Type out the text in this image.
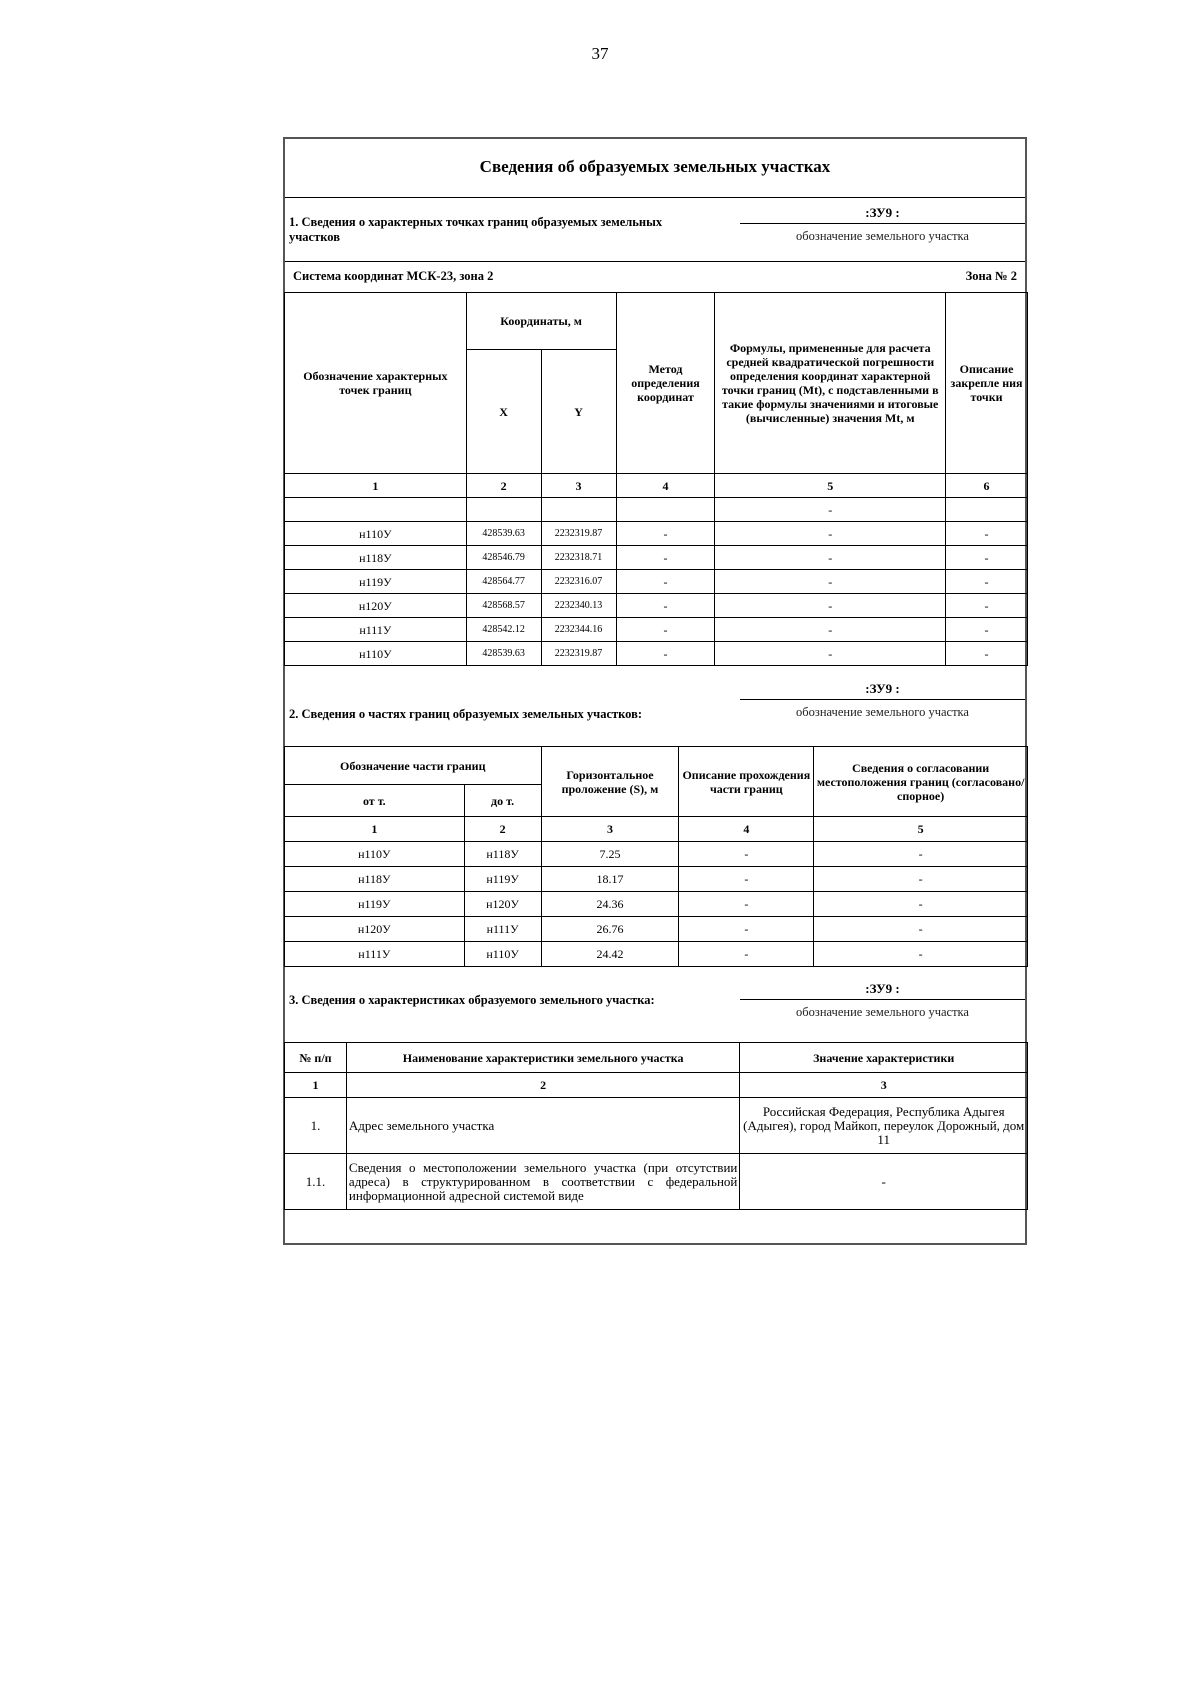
37
Сведения об образуемых земельных участках
1. Сведения о характерных точках границ образуемых земельных участков
:ЗУ9 :
обозначение земельного участка
Система координат МСК-23, зона 2	Зона № 2
Обозначение характерных точек границ	Координаты, м		Метод определения координат	Формулы, примененные для расчета средней квадратической погрешности определения координат характерной точки границ (Mt), с подставленными в такие формулы значениями и итоговые (вычисленные) значения Mt, м	Описание закрепле ния точки
	X	Y			
1	2	3	4	5	6
				-	
н110У	428539.63	2232319.87	-	-	-
н118У	428546.79	2232318.71	-	-	-
н119У	428564.77	2232316.07	-	-	-
н120У	428568.57	2232340.13	-	-	-
н111У	428542.12	2232344.16	-	-	-
н110У	428539.63	2232319.87	-	-	-
2. Сведения о частях границ образуемых земельных участков:
:ЗУ9 :
обозначение земельного участка
Обозначение части границ		Горизонтальное проложение (S), м	Описание прохождения части границ	Сведения о согласовании местоположения границ (согласовано/спорное)
от т.	до т.			
1	2	3	4	5
н110У	н118У	7.25	-	-
н118У	н119У	18.17	-	-
н119У	н120У	24.36	-	-
н120У	н111У	26.76	-	-
н111У	н110У	24.42	-	-
3. Сведения о характеристиках образуемого земельного участка:
:ЗУ9 :
обозначение земельного участка
№ п/п	Наименование характеристики земельного участка	Значение характеристики
1	2	3
1.	Адрес земельного участка	Российская Федерация, Республика Адыгея (Адыгея), город Майкоп, переулок Дорожный, дом 11
1.1.	Сведения о местоположении земельного участка (при отсутствии адреса) в структурированном в соответствии с федеральной информационной адресной системой виде	-
